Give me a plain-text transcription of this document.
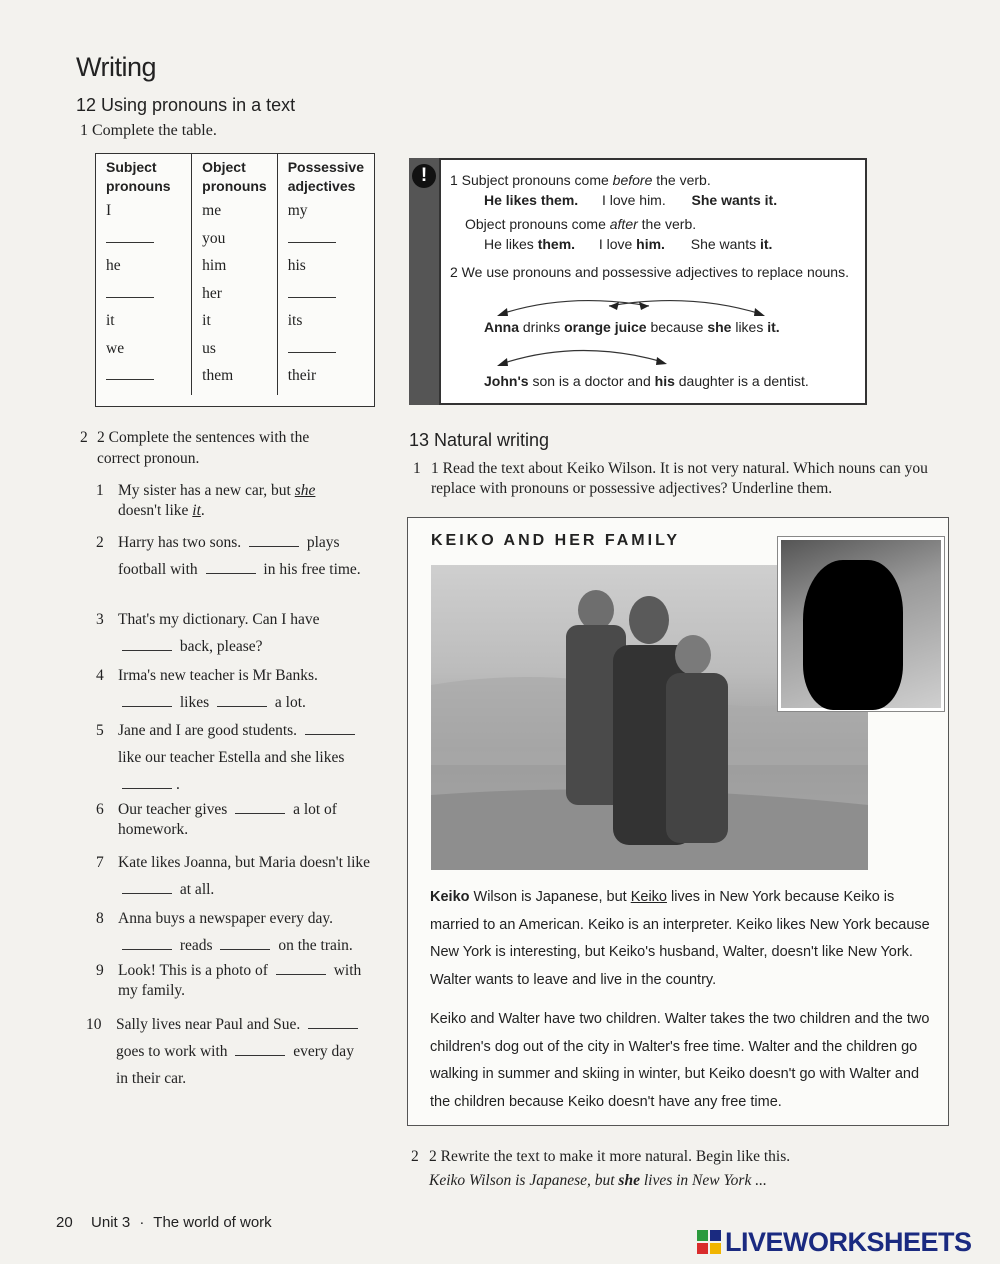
Writing
12 Using pronouns in a text
1 Complete the table.
Subject pronouns	Object pronouns	Possessive adjectives
I	me	my
	you	
he	him	his
	her	
it	it	its
we	us	
	them	their
!	1 Subject pronouns come before the verb.
He likes them. I love him. She wants it.
Object pronouns come after the verb.
He likes them. I love him. She wants it.
2 We use pronouns and possessive adjectives to replace nouns.
Anna drinks orange juice because she likes it.
John's son is a doctor and his daughter is a dentist.
2 2 Complete the sentences with the correct pronoun.
1 My sister has a new car, but she
doesn't like it.
2 Harry has two sons.	plays football with	in his free time.
3 That's my dictionary. Can I have  back, please?
4 Irma's new teacher is Mr Banks.  likes	a lot.
5 Jane and I are good students.  like our teacher Estella and she likes .
6 Our teacher gives	a lot of homework.
7 Kate likes Joanna, but Maria doesn't like  at all.
8 Anna buys a newspaper every day.  reads	on the train.
9 Look! This is a photo of	with my family.
10 Sally lives near Paul and Sue.  goes to work with	every day in their car.
13 Natural writing
1 1 Read the text about Keiko Wilson. It is not very natural. Which nouns can you replace with pronouns or possessive adjectives? Underline them.
KEIKO AND HER FAMILY
Keiko Wilson is Japanese, but Keiko lives in New York because Keiko is married to an American. Keiko is an interpreter. Keiko likes New York because New York is interesting, but Keiko's husband, Walter, doesn't like New York. Walter wants to leave and live in the country.
Keiko and Walter have two children. Walter takes the two children and the two children's dog out of the city in Walter's free time. Walter and the children go walking in summer and skiing in winter, but Keiko doesn't go with Walter and the children because Keiko doesn't have any free time.
2 2 Rewrite the text to make it more natural. Begin like this.
Keiko Wilson is Japanese, but she lives in New York ...
20 Unit 3 · The world of work
LIVEWORKSHEETS
